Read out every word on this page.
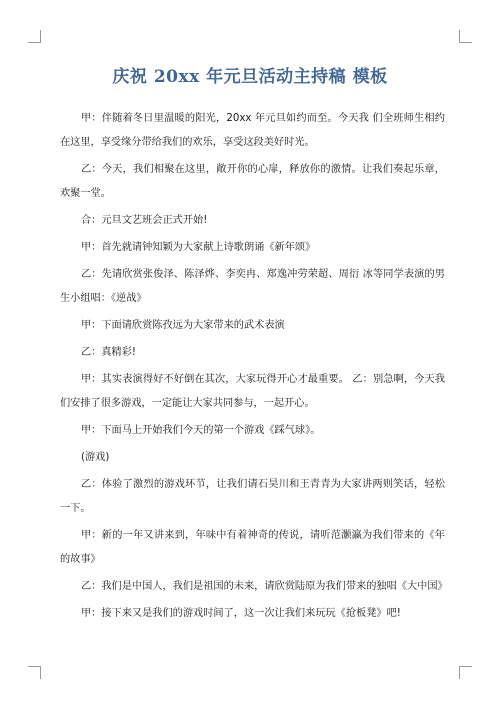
庆祝 20xx 年元旦活动主持稿 模板

甲：伴随着冬日里温暖的阳光，20xx 年元旦如约而至。今天我 们全班师生相约在这里，享受缘分带给我们的欢乐，享受这段美好时光。

乙：今天，我们相聚在这里，敞开你的心扉，释放你的激情。让我们奏起乐章，欢聚一堂。

合：元旦文艺班会正式开始!

甲：首先就请钟知颖为大家献上诗歌朗诵《新年颂》

乙：先请欣赏张俊泽、陈泽烨、李奕冉、郑逸冲劳荣超、周衍 冰等同学表演的男生小组唱：《逆战》

甲：下面请欣赏陈孜远为大家带来的武术表演

乙：真精彩!

甲：其实表演得好不好倒在其次，大家玩得开心才最重要。 乙：别急啊，今天我们安排了很多游戏，一定能让大家共同参与，一起开心。

甲：下面马上开始我们今天的第一个游戏《踩气球》。

(游戏)

乙：体验了激烈的游戏环节，让我们请石昊川和王青青为大家讲两则笑话，轻松一下。

甲：新的一年又讲来到，年味中有着神奇的传说，请听范灏瀛为我们带来的《年的故事》

乙：我们是中国人，我们是祖国的未来，请欣赏陆原为我们带来的独唱《大中国》

甲：接下来又是我们的游戏时间了，这一次让我们来玩玩《抢板凳》吧!
